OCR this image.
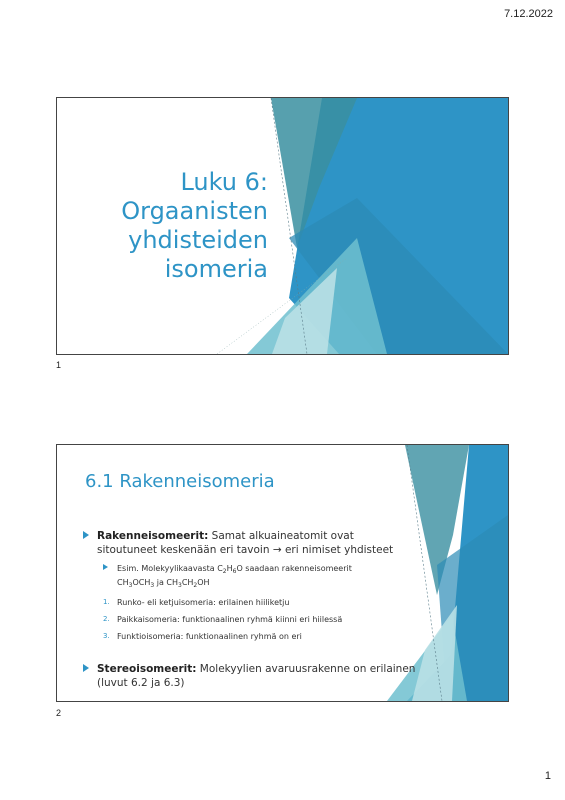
7.12.2022
Luku 6:
Orgaanisten
yhdisteiden
isomeria
1
6.1 Rakenneisomeria

Rakenneisomeerit: Samat alkuaineatomit ovat
sitoutuneet keskenään eri tavoin → eri nimiset yhdisteet

Esim. Molekyylikaavasta $C_2H_6O$ saadaan rakenneisomeerit
$CH_3OCH_3$ ja $CH_3CH_2OH$

1. Runko- eli ketjuisomeria: erilainen hiiliketju

2. Paikkaisomeria: funktionaalinen ryhmä kiinni eri hiilessä

3. Funktioisomeria: funktionaalinen ryhmä on eri

Stereoisomeerit: Molekyylien avaruusrakenne on erilainen
(luvut 6.2 ja 6.3)

2
1
